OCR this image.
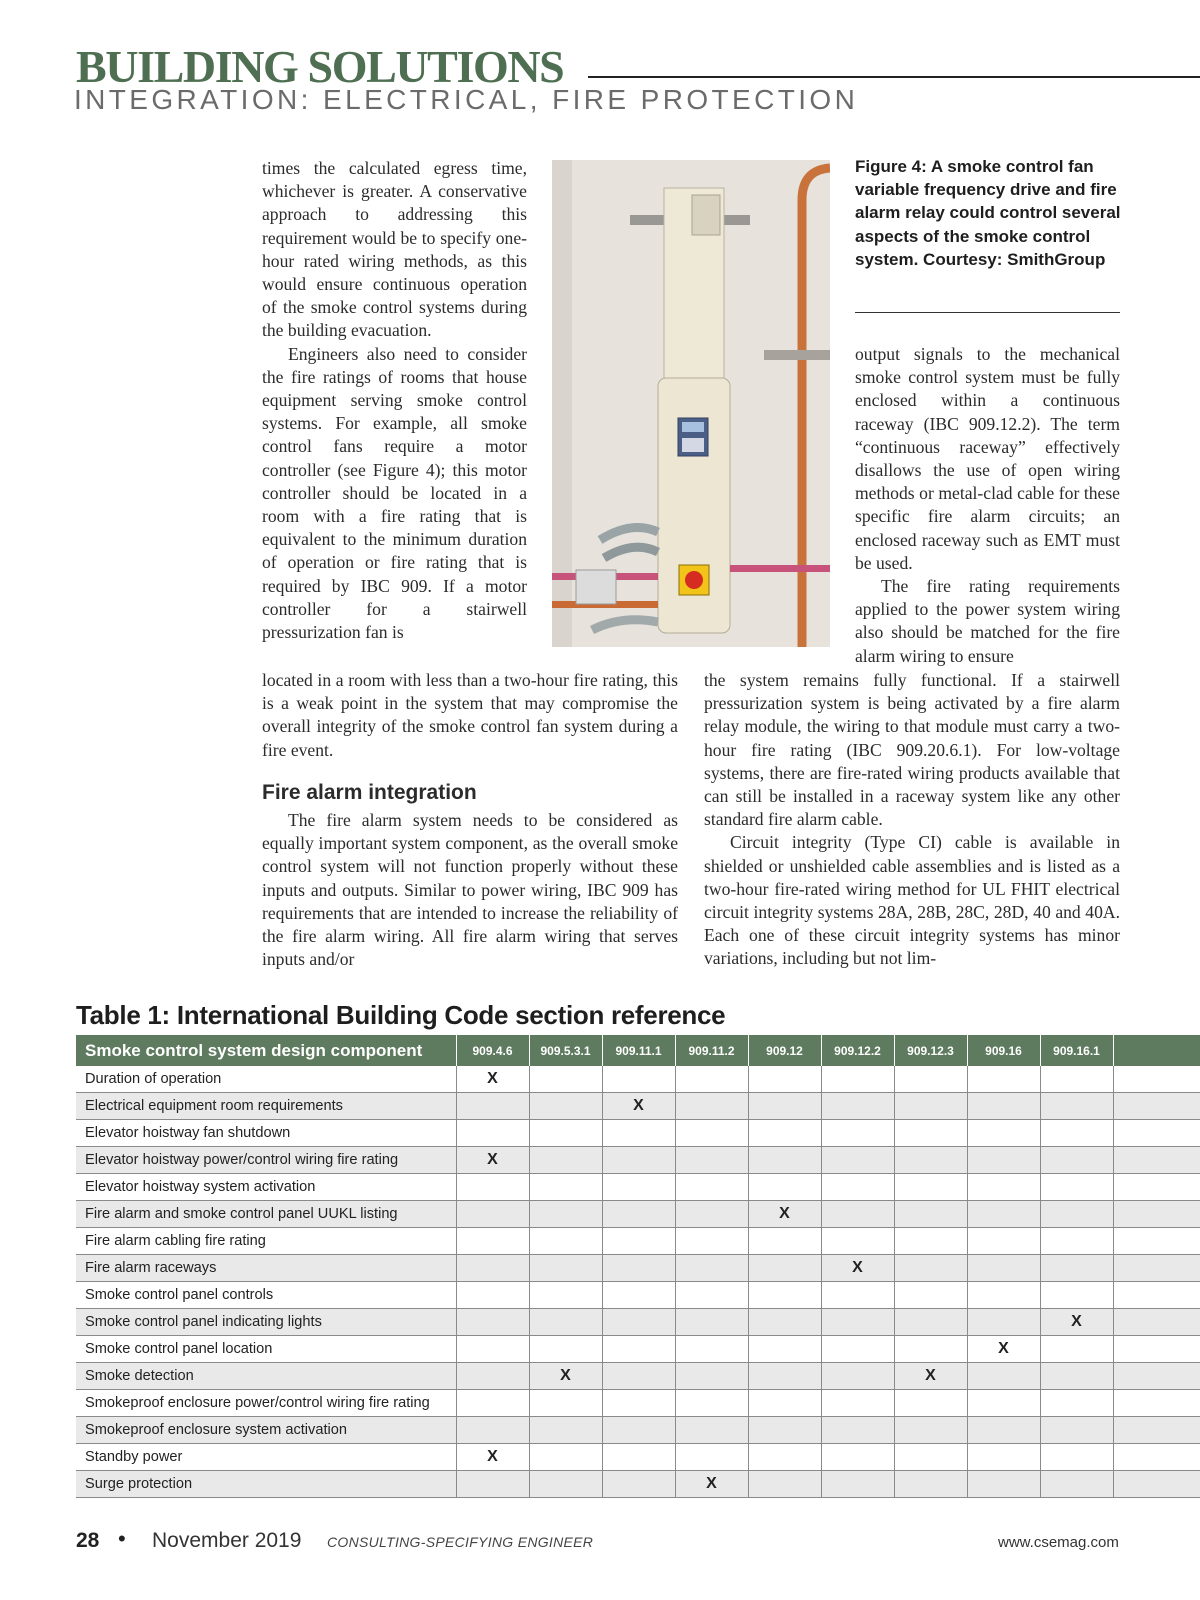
BUILDING SOLUTIONS
INTEGRATION: ELECTRICAL, FIRE PROTECTION

times the calculated egress time, whichever is greater. A conservative approach to addressing this requirement would be to specify one-hour rated wiring methods, as this would ensure continuous operation of the smoke control systems during the building evacuation.

Engineers also need to consider the fire ratings of rooms that house equipment serving smoke control systems. For example, all smoke control fans require a motor controller (see Figure 4); this motor controller should be located in a room with a fire rating that is equivalent to the minimum duration of operation or fire rating that is required by IBC 909. If a motor controller for a stairwell pressurization fan is

Figure 4: A smoke control fan variable frequency drive and fire alarm relay could control several aspects of the smoke control system. Courtesy: SmithGroup

output signals to the mechanical smoke control system must be fully enclosed within a continuous raceway (IBC 909.12.2). The term “continuous raceway” effectively disallows the use of open wiring methods or metal-clad cable for these specific fire alarm circuits; an enclosed raceway such as EMT must be used.

The fire rating requirements applied to the power system wiring also should be matched for the fire alarm wiring to ensure

located in a room with less than a two-hour fire rating, this is a weak point in the system that may compromise the overall integrity of the smoke control fan system during a fire event.

Fire alarm integration

The fire alarm system needs to be considered as equally important system component, as the overall smoke control system will not function properly without these inputs and outputs. Similar to power wiring, IBC 909 has requirements that are intended to increase the reliability of the fire alarm wiring. All fire alarm wiring that serves inputs and/or

the system remains fully functional. If a stairwell pressurization system is being activated by a fire alarm relay module, the wiring to that module must carry a two-hour fire rating (IBC 909.20.6.1). For low-voltage systems, there are fire-rated wiring products available that can still be installed in a raceway system like any other standard fire alarm cable.

Circuit integrity (Type CI) cable is available in shielded or unshielded cable assemblies and is listed as a two-hour fire-rated wiring method for UL FHIT electrical circuit integrity systems 28A, 28B, 28C, 28D, 40 and 40A. Each one of these circuit integrity systems has minor variations, including but not lim-

Table 1: International Building Code section reference
Smoke control system design component	909.4.6	909.5.3.1	909.11.1	909.11.2	909.12	909.12.2	909.12.3	909.16	909.16.1	
Duration of operation	X									
Electrical equipment room requirements			X							
Elevator hoistway fan shutdown										
Elevator hoistway power/control wiring fire rating	X									
Elevator hoistway system activation										
Fire alarm and smoke control panel UUKL listing					X					
Fire alarm cabling fire rating										
Fire alarm raceways						X				
Smoke control panel controls										
Smoke control panel indicating lights									X	
Smoke control panel location								X		
Smoke detection		X					X			
Smokeproof enclosure power/control wiring fire rating										
Smokeproof enclosure system activation										
Standby power	X									
Surge protection				X						
28 • November 2019 CONSULTING-SPECIFYING ENGINEER	www.csemag.com
